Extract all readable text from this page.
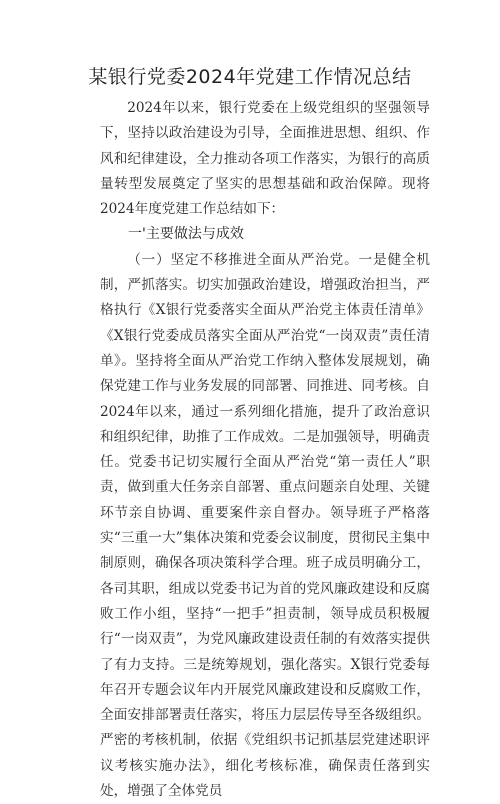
某银行党委2024年党建工作情况总结

2024年以来，银行党委在上级党组织的坚强领导下，坚持以政治建设为引导，全面推进思想、组织、作风和纪律建设，全力推动各项工作落实，为银行的高质量转型发展奠定了坚实的思想基础和政治保障。现将2024年度党建工作总结如下：

一'主要做法与成效

（一）坚定不移推进全面从严治党。一是健全机制，严抓落实。切实加强政治建设，增强政治担当，严格执行《X银行党委落实全面从严治党主体责任清单》《X银行党委成员落实全面从严治党“一岗双责”责任清单》。坚持将全面从严治党工作纳入整体发展规划，确保党建工作与业务发展的同部署、同推进、同考核。自2024年以来，通过一系列细化措施，提升了政治意识和组织纪律，助推了工作成效。二是加强领导，明确责任。党委书记切实履行全面从严治党“第一责任人”职责，做到重大任务亲自部署、重点问题亲自处理、关键环节亲自协调、重要案件亲自督办。领导班子严格落实“三重一大”集体决策和党委会议制度，贯彻民主集中制原则，确保各项决策科学合理。班子成员明确分工，各司其职，组成以党委书记为首的党风廉政建设和反腐败工作小组，坚持“一把手”担责制，领导成员积极履行“一岗双责”，为党风廉政建设责任制的有效落实提供了有力支持。三是统筹规划，强化落实。X银行党委每年召开专题会议年内开展党风廉政建设和反腐败工作，全面安排部署责任落实，将压力层层传导至各级组织。严密的考核机制，依据《党组织书记抓基层党建述职评议考核实施办法》，细化考核标准，确保责任落到实处，增强了全体党员
